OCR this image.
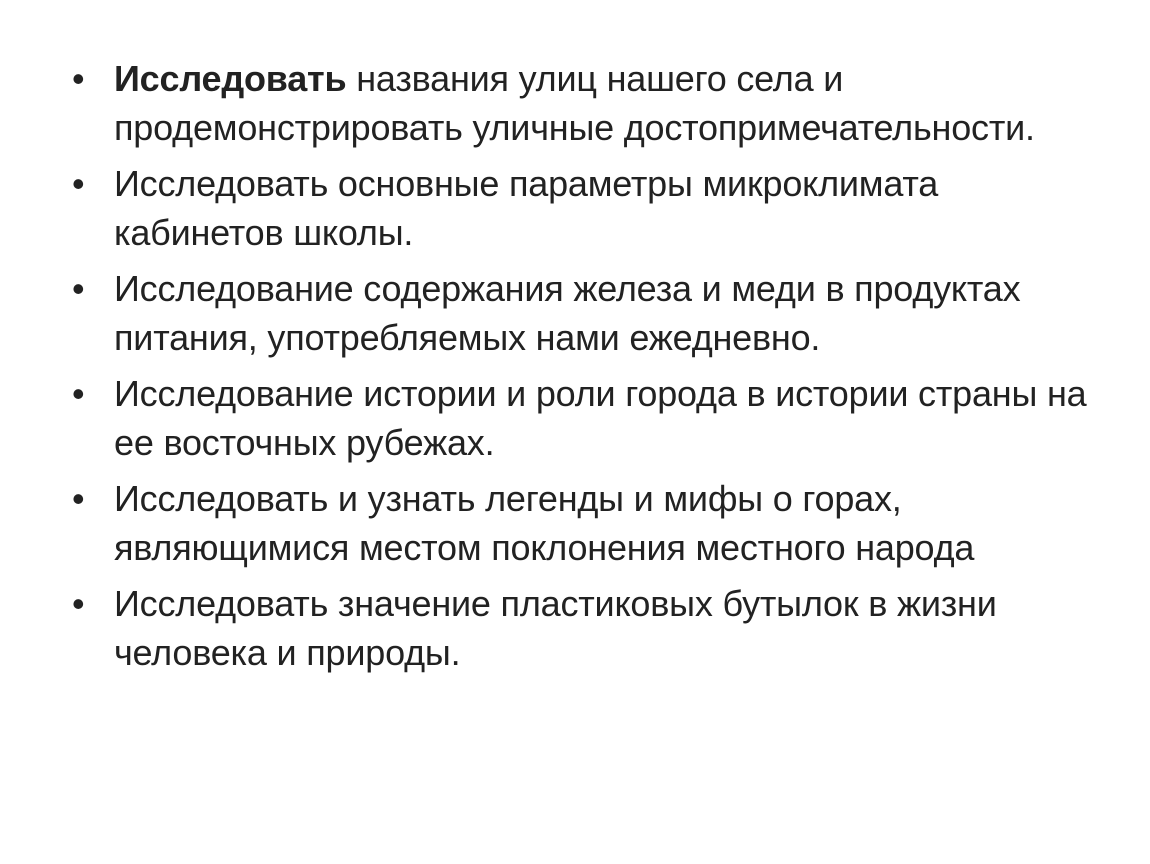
• Исследовать названия улиц нашего села и продемонстрировать уличные достопримечательности.
• Исследовать основные параметры микроклимата кабинетов школы.
• Исследование содержания железа и меди в продуктах питания, употребляемых нами ежедневно.
• Исследование истории и роли города в истории страны на ее восточных рубежах.
• Исследовать и узнать легенды и мифы о горах, являющимися местом поклонения местного народа
• Исследовать значение пластиковых бутылок в жизни человека и природы.
